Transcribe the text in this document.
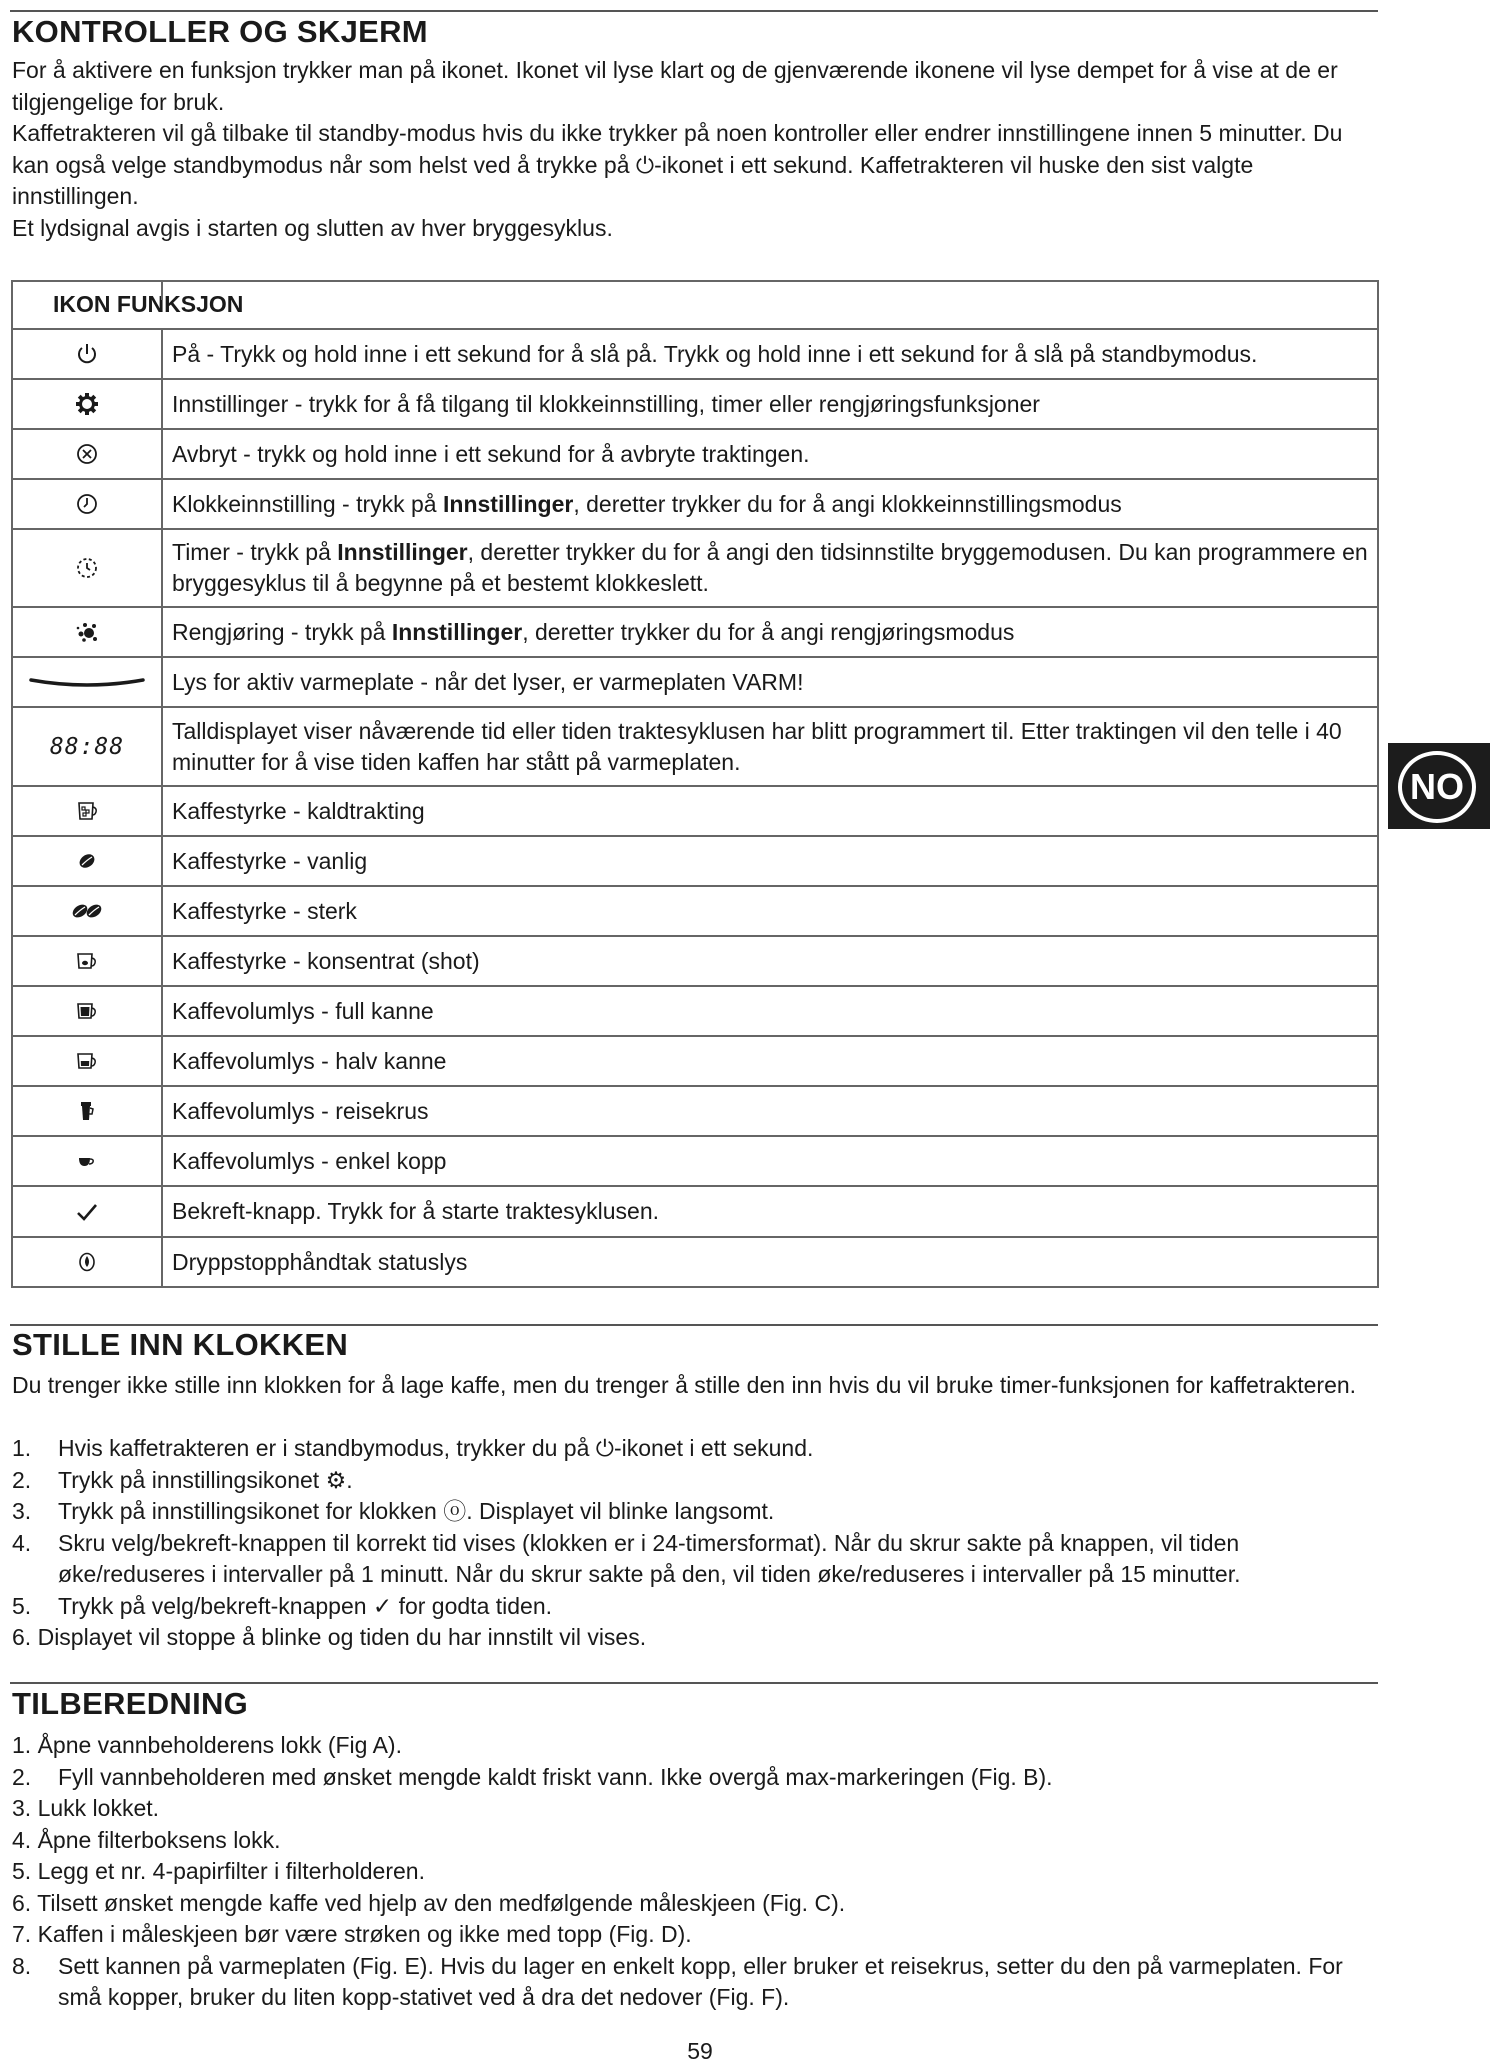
KONTROLLER OG SKJERM

For å aktivere en funksjon trykker man på ikonet. Ikonet vil lyse klart og de gjenværende ikonene vil lyse dempet for å vise at de er tilgjengelige for bruk.

Kaffetrakteren vil gå tilbake til standby-modus hvis du ikke trykker på noen kontroller eller endrer innstillingene innen 5 minutter. Du kan også velge standbymodus når som helst ved å trykke på ⏻-ikonet i ett sekund. Kaffetrakteren vil huske den sist valgte innstillingen.

Et lydsignal avgis i starten og slutten av hver bryggesyklus.

IKON FUNKSJON	

	På - Trykk og hold inne i ett sekund for å slå på. Trykk og hold inne i ett sekund for å slå på standbymodus.

	Innstillinger - trykk for å få tilgang til klokkeinnstilling, timer eller rengjøringsfunksjoner

	Avbryt - trykk og hold inne i ett sekund for å avbryte traktingen.

	Klokkeinnstilling - trykk på Innstillinger, deretter trykker du for å angi klokkeinnstillingsmodus

	Timer - trykk på Innstillinger, deretter trykker du for å angi den tidsinnstilte bryggemodusen. Du kan programmere en bryggesyklus til å begynne på et bestemt klokkeslett.

	Rengjøring - trykk på Innstillinger, deretter trykker du for å angi rengjøringsmodus

	Lys for aktiv varmeplate - når det lyser, er varmeplaten VARM!
88:88	Talldisplayet viser nåværende tid eller tiden traktesyklusen har blitt programmert til. Etter traktingen vil den telle i 40 minutter for å vise tiden kaffen har stått på varmeplaten.

	Kaffestyrke - kaldtrakting

	Kaffestyrke - vanlig

	Kaffestyrke - sterk

	Kaffestyrke - konsentrat (shot)

	Kaffevolumlys - full kanne

	Kaffevolumlys - halv kanne

	Kaffevolumlys - reisekrus

	Kaffevolumlys - enkel kopp

	Bekreft-knapp. Trykk for å starte traktesyklusen.

	Dryppstopphåndtak statuslys
STILLE INN KLOKKEN
Du trenger ikke stille inn klokken for å lage kaffe, men du trenger å stille den inn hvis du vil bruke timer-funksjonen for kaffetrakteren.
1. Hvis kaffetrakteren er i standbymodus, trykker du på ⏻-ikonet i ett sekund.
2. Trykk på innstillingsikonet ⚙.
3. Trykk på innstillingsikonet for klokken ⓞ. Displayet vil blinke langsomt.
4. Skru velg/bekreft-knappen til korrekt tid vises (klokken er i 24-timersformat). Når du skrur sakte på knappen, vil tiden øke/reduseres i intervaller på 1 minutt. Når du skrur sakte på den, vil tiden øke/reduseres i intervaller på 15 minutter.
5. Trykk på velg/bekreft-knappen ✓ for godta tiden.
6. Displayet vil stoppe å blinke og tiden du har innstilt vil vises.
TILBEREDNING
1. Åpne vannbeholderens lokk (Fig A).
2. Fyll vannbeholderen med ønsket mengde kaldt friskt vann. Ikke overgå max-markeringen (Fig. B).
3. Lukk lokket.
4. Åpne filterboksens lokk.
5. Legg et nr. 4-papirfilter i filterholderen.
6. Tilsett ønsket mengde kaffe ved hjelp av den medfølgende måleskjeen (Fig. C).
7. Kaffen i måleskjeen bør være strøken og ikke med topp (Fig. D).
8. Sett kannen på varmeplaten (Fig. E). Hvis du lager en enkelt kopp, eller bruker et reisekrus, setter du den på varmeplaten. For små kopper, bruker du liten kopp-stativet ved å dra det nedover (Fig. F).
NO
59
